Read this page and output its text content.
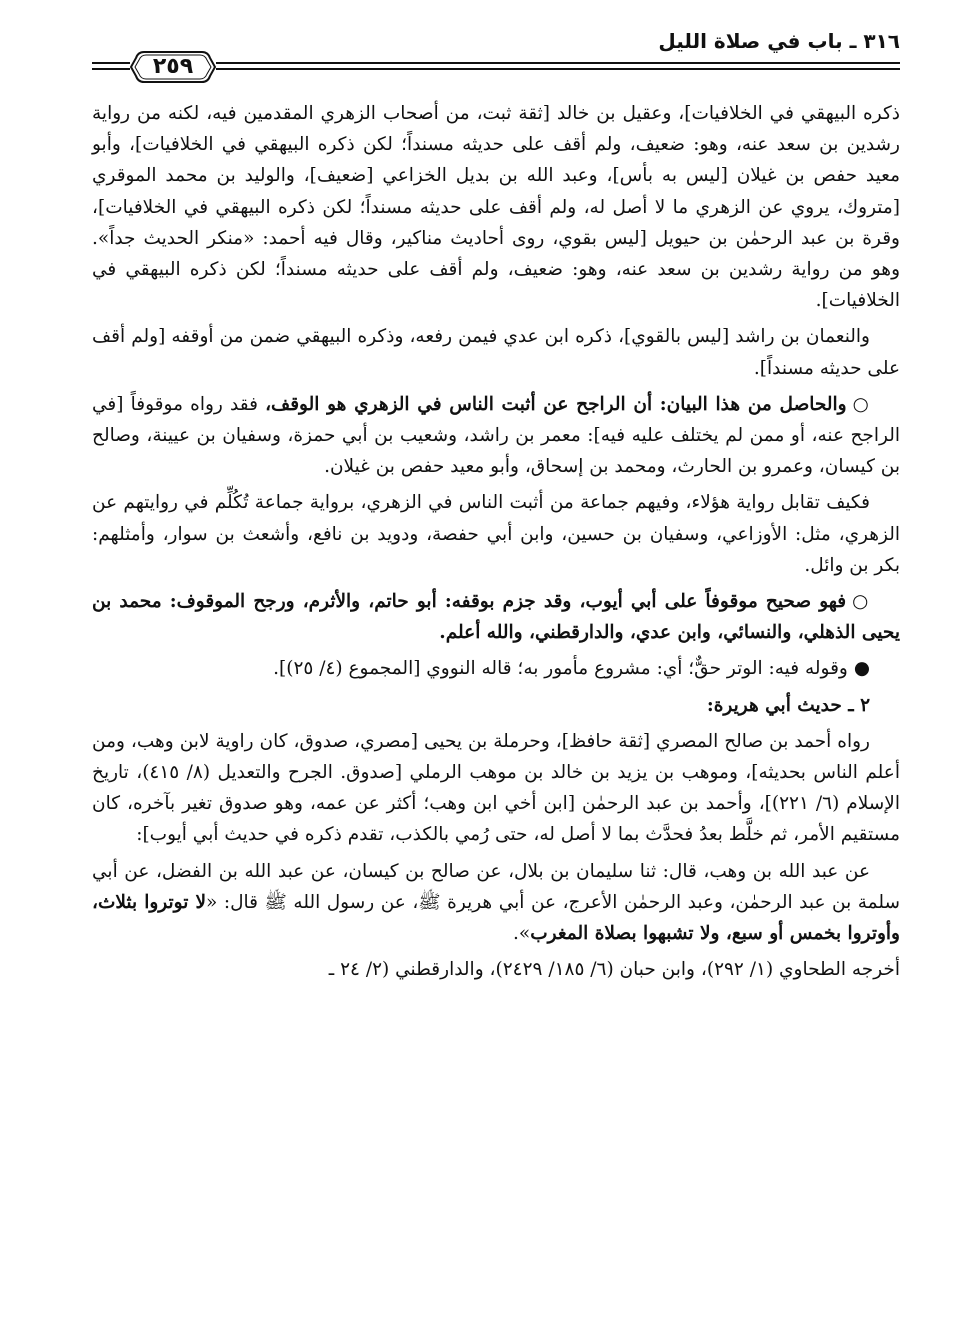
٣١٦ ـ باب في صلاة الليل
٢٥٩

ذكره البيهقي في الخلافيات]، وعقيل بن خالد [ثقة ثبت، من أصحاب الزهري المقدمين فيه، لكنه من رواية رشدين بن سعد عنه، وهو: ضعيف، ولم أقف على حديثه مسنداً؛ لكن ذكره البيهقي في الخلافيات]، وأبو معيد حفص بن غيلان [ليس به بأس]، وعبد الله بن بديل الخزاعي [ضعيف]، والوليد بن محمد الموقري [متروك، يروي عن الزهري ما لا أصل له، ولم أقف على حديثه مسنداً؛ لكن ذكره البيهقي في الخلافيات]، وقرة بن عبد الرحمٰن بن حيويل [ليس بقوي، روى أحاديث مناكير، وقال فيه أحمد: «منكر الحديث جداً». وهو من رواية رشدين بن سعد عنه، وهو: ضعيف، ولم أقف على حديثه مسنداً؛ لكن ذكره البيهقي في الخلافيات].

والنعمان بن راشد [ليس بالقوي]، ذكره ابن عدي فيمن رفعه، وذكره البيهقي ضمن من أوقفه [ولم أقف على حديثه مسنداً].

○والحاصل من هذا البيان: أن الراجح عن أثبت الناس في الزهري هو الوقف، فقد رواه موقوفاً [في الراجح عنه، أو ممن لم يختلف عليه فيه]: معمر بن راشد، وشعيب بن أبي حمزة، وسفيان بن عيينة، وصالح بن كيسان، وعمرو بن الحارث، ومحمد بن إسحاق، وأبو معيد حفص بن غيلان.

فكيف تقابل رواية هؤلاء، وفيهم جماعة من أثبت الناس في الزهري، برواية جماعة تُكُلِّم في روايتهم عن الزهري، مثل: الأوزاعي، وسفيان بن حسين، وابن أبي حفصة، ودويد بن نافع، وأشعث بن سوار، وأمثلهم: بكر بن وائل.

○فهو صحيح موقوفاً على أبي أيوب، وقد جزم بوقفه: أبو حاتم، والأثرم، ورجح الموقوف: محمد بن يحيى الذهلي، والنسائي، وابن عدي، والدارقطني، والله أعلم.

●وقوله فيه: الوتر حقٌّ؛ أي: مشروع مأمور به؛ قاله النووي [المجموع (٤/ ٢٥)].

٢ ـ حديث أبي هريرة:

رواه أحمد بن صالح المصري [ثقة حافظ]، وحرملة بن يحيى [مصري، صدوق، كان راوية لابن وهب، ومن أعلم الناس بحديثه]، وموهب بن يزيد بن خالد بن موهب الرملي [صدوق. الجرح والتعديل (٨/ ٤١٥)، تاريخ الإسلام (٦/ ٢٢١)]، وأحمد بن عبد الرحمٰن [ابن أخي ابن وهب؛ أكثر عن عمه، وهو صدوق تغير بآخره، كان مستقيم الأمر، ثم خلَّط بعدُ فحدَّث بما لا أصل له، حتى رُمي بالكذب، تقدم ذكره في حديث أبي أيوب]:

عن عبد الله بن وهب، قال: ثنا سليمان بن بلال، عن صالح بن كيسان، عن عبد الله بن الفضل، عن أبي سلمة بن عبد الرحمٰن، وعبد الرحمٰن الأعرج، عن أبي هريرة ﷺ، عن رسول الله ﷺ قال: «لا توتروا بثلاث، وأوتروا بخمس أو سبع، ولا تشبهوا بصلاة المغرب».

أخرجه الطحاوي (١/ ٢٩٢)، وابن حبان (٦/ ١٨٥/ ٢٤٢٩)، والدارقطني (٢/ ٢٤ ـ
